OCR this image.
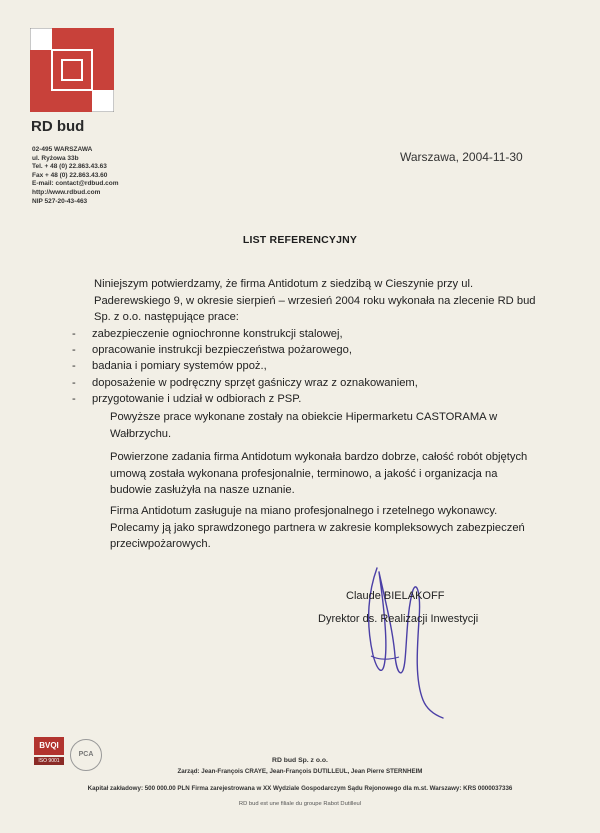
RD bud
02-495 WARSZAWA
ul. Ryżowa 33b
Tel. + 48 (0) 22.863.43.63
Fax + 48 (0) 22.863.43.60
E-mail: contact@rdbud.com
http://www.rdbud.com
NIP 527-20-43-463
Warszawa, 2004-11-30
LIST REFERENCYJNY
Niniejszym potwierdzamy, że firma Antidotum z siedzibą w Cieszynie przy ul. Paderewskiego 9, w okresie sierpień – wrzesień 2004 roku wykonała na zlecenie RD bud Sp. z o.o. następujące prace:
- zabezpieczenie ogniochronne konstrukcji stalowej,
- opracowanie instrukcji bezpieczeństwa pożarowego,
- badania i pomiary systemów ppoż.,
- doposażenie w podręczny sprzęt gaśniczy wraz z oznakowaniem,
- przygotowanie i udział w odbiorach z PSP.
Powyższe prace wykonane zostały na obiekcie Hipermarketu CASTORAMA w Wałbrzychu.
Powierzone zadania firma Antidotum wykonała bardzo dobrze, całość robót objętych umową została wykonana profesjonalnie, terminowo, a jakość i organizacja na budowie zasłużyła na nasze uznanie.
Firma Antidotum zasługuje na miano profesjonalnego i rzetelnego wykonawcy. Polecamy ją jako sprawdzonego partnera w zakresie kompleksowych zabezpieczeń przeciwpożarowych.
Claude BIELAKOFF
Dyrektor ds. Realizacji Inwestycji
BVQI
ISO 9001
PCA
RD bud Sp. z o.o.
Zarząd: Jean-François CRAYE, Jean-François DUTILLEUL, Jean Pierre STERNHEIM
Kapitał zakładowy: 500 000.00 PLN Firma zarejestrowana w XX Wydziale Gospodarczym Sądu Rejonowego dla m.st. Warszawy: KRS 0000037336
RD bud est une filiale du groupe Rabot Dutilleul
